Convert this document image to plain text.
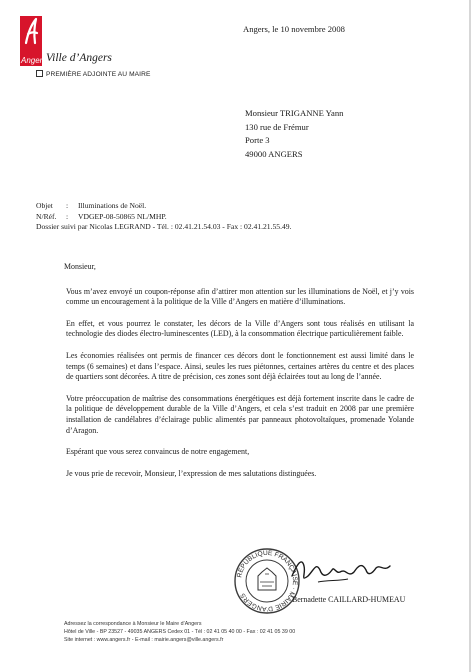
Angers Ville d’Angers
PREMIÈRE ADJOINTE AU MAIRE
Angers, le 10 novembre 2008
Monsieur TRIGANNE Yann
130 rue de Frémur
Porte 3
49000 ANGERS
Objet : Illuminations de Noël.
N/Réf. : VDGEP-08-50865 NL/MHP.
Dossier suivi par Nicolas LEGRAND - Tél. : 02.41.21.54.03 - Fax : 02.41.21.55.49.
Monsieur,

Vous m’avez envoyé un coupon-réponse afin d’attirer mon attention sur les illuminations de Noël, et j’y vois comme un encouragement à la politique de la Ville d’Angers en matière d’illuminations.

En effet, et vous pourrez le constater, les décors de la Ville d’Angers sont tous réalisés en utilisant la technologie des diodes électro-luminescentes (LED), à la consommation électrique particulièrement faible.

Les économies réalisées ont permis de financer ces décors dont le fonctionnement est aussi limité dans le temps (6 semaines) et dans l’espace. Ainsi, seules les rues piétonnes, certaines artères du centre et des places de quartiers sont décorées. A titre de précision, ces zones sont déjà éclairées tout au long de l’année.

Votre préoccupation de maîtrise des consommations énergétiques est déjà fortement inscrite dans le cadre de la politique de développement durable de la Ville d’Angers, et cela s’est traduit en 2008 par une première installation de candélabres d’éclairage public alimentés par panneaux photovoltaïques, promenade Yolande d’Aragon.

Espérant que vous serez convaincus de notre engagement,

Je vous prie de recevoir, Monsieur, l’expression de mes salutations distinguées.

RÉPUBLIQUE FRANÇAISE · MAIRIE D’ANGERS	Bernadette CAILLARD-HUMEAU
Adressez la correspondance à Monsieur le Maire d’Angers
Hôtel de Ville - BP 23527 - 49035 ANGERS Cedex 01 - Tél : 02 41 05 40 00 - Fax : 02 41 05 39 00
Site internet : www.angers.fr - E-mail : mairie.angers@ville.angers.fr
